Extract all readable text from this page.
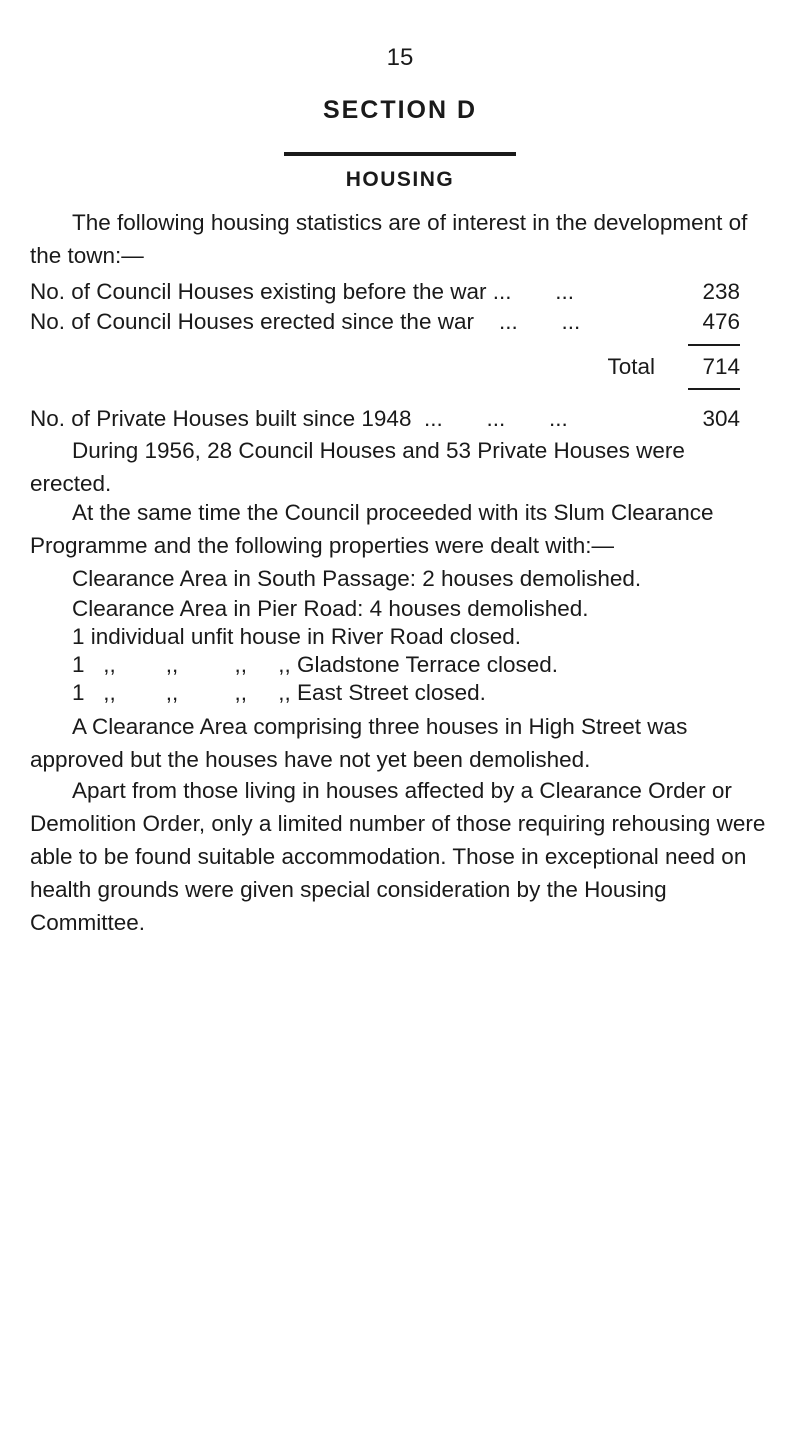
15
SECTION D
HOUSING

The following housing statistics are of interest in the development of the town:—

No. of Council Houses existing before the war ...       ...	238
No. of Council Houses erected since the war    ...       ...	476
Total 714
No. of Private Houses built since 1948  ...       ...       ...	304

During 1956, 28 Council Houses and 53 Private Houses were erected.

At the same time the Council proceeded with its Slum Clearance Programme and the following properties were dealt with:—

Clearance Area in South Passage: 2 houses demolished.
Clearance Area in Pier Road: 4 houses demolished.
1 individual unfit house in River Road closed.
1   ,,        ,,         ,,     ,, Gladstone Terrace closed.
1   ,,        ,,         ,,     ,, East Street closed.

A Clearance Area comprising three houses in High Street was approved but the houses have not yet been demolished.

Apart from those living in houses affected by a Clearance Order or Demolition Order, only a limited number of those requiring rehousing were able to be found suitable accommodation. Those in exceptional need on health grounds were given special consideration by the Housing Committee.
